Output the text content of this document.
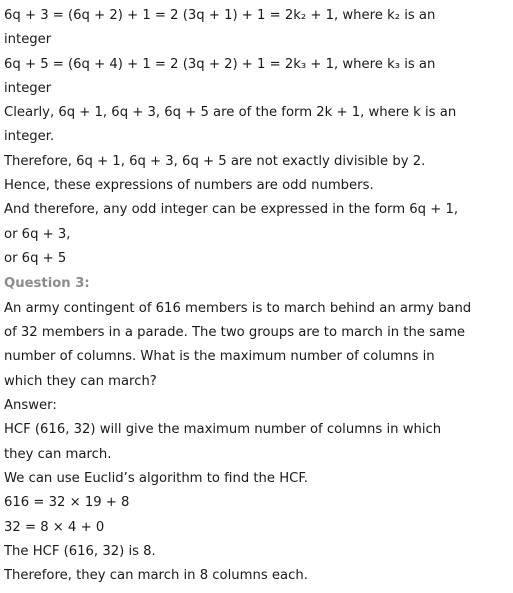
6q + 3 = (6q + 2) + 1 = 2 (3q + 1) + 1 = 2k₂ + 1, where k₂ is an
integer
6q + 5 = (6q + 4) + 1 = 2 (3q + 2) + 1 = 2k₃ + 1, where k₃ is an
integer
Clearly, 6q + 1, 6q + 3, 6q + 5 are of the form 2k + 1, where k is an
integer.
Therefore, 6q + 1, 6q + 3, 6q + 5 are not exactly divisible by 2.
Hence, these expressions of numbers are odd numbers.
And therefore, any odd integer can be expressed in the form 6q + 1,
or 6q + 3,
or 6q + 5
Question 3:
An army contingent of 616 members is to march behind an army band
of 32 members in a parade. The two groups are to march in the same
number of columns. What is the maximum number of columns in
which they can march?
Answer:
HCF (616, 32) will give the maximum number of columns in which
they can march.
We can use Euclid’s algorithm to find the HCF.
616 = 32 × 19 + 8
32 = 8 × 4 + 0
The HCF (616, 32) is 8.
Therefore, they can march in 8 columns each.
